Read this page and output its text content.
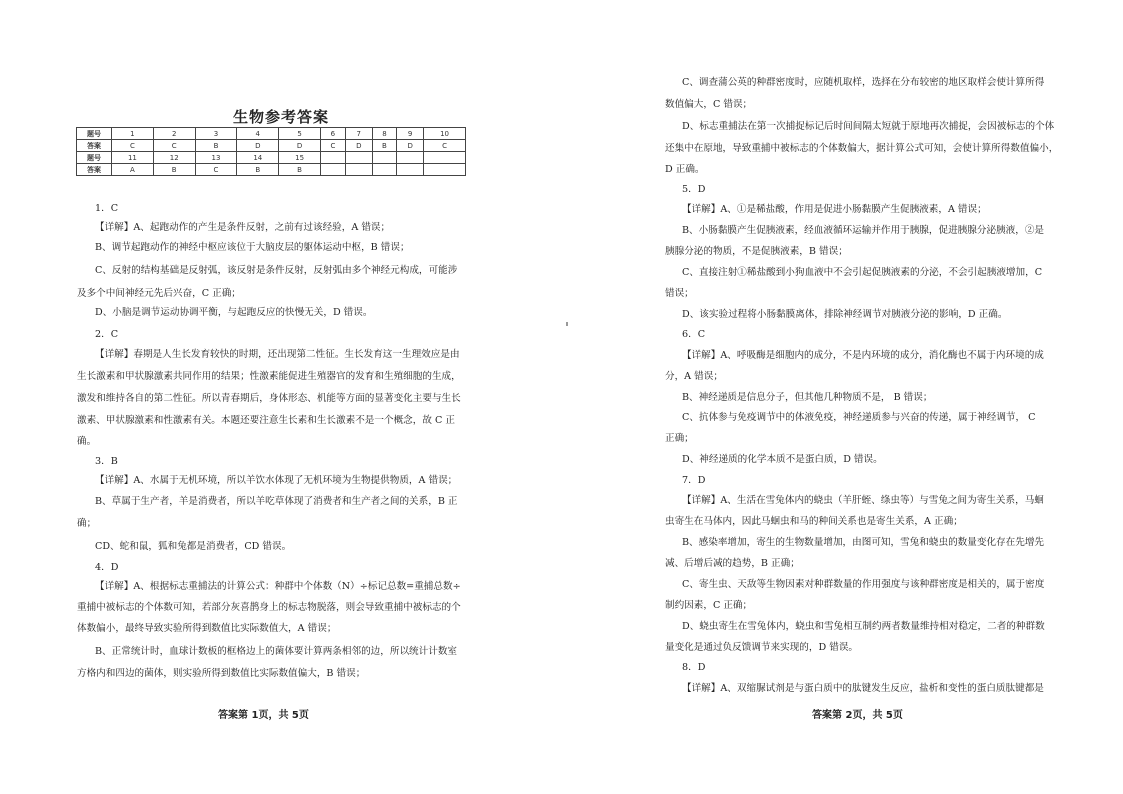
生物参考答案
题号	1	2	3	4	5	6	7	8	9	10
答案	C	C	B	D	D	C	D	B	D	C
题号	11	12	13	14	15					
答案	A	B	C	B	B					
1．C
【详解】A、起跑动作的产生是条件反射，之前有过该经验，A 错误；
B、调节起跑动作的神经中枢应该位于大脑皮层的躯体运动中枢，B 错误；
C、反射的结构基础是反射弧，该反射是条件反射，反射弧由多个神经元构成，可能涉
及多个中间神经元先后兴奋，C 正确；
D、小脑是调节运动协调平衡，与起跑反应的快慢无关，D 错误。
2．C
【详解】春期是人生长发育较快的时期，还出现第二性征。生长发育这一生理效应是由
生长激素和甲状腺激素共同作用的结果；性激素能促进生殖器官的发育和生殖细胞的生成，
激发和维持各自的第二性征。所以青春期后，身体形态、机能等方面的显著变化主要与生长
激素、甲状腺激素和性激素有关。本题还要注意生长素和生长激素不是一个概念，故 C 正
确。
3．B
【详解】A、水属于无机环境，所以羊饮水体现了无机环境为生物提供物质，A 错误；
B、草属于生产者，羊是消费者，所以羊吃草体现了消费者和生产者之间的关系，B 正
确；
CD、蛇和鼠，狐和兔都是消费者，CD 错误。
4．D
【详解】A、根据标志重捕法的计算公式：种群中个体数（N）÷标记总数=重捕总数÷
重捕中被标志的个体数可知，若部分灰喜鹊身上的标志物脱落，则会导致重捕中被标志的个
体数偏小，最终导致实验所得到数值比实际数值大，A 错误；
B、正常统计时，血球计数板的框格边上的菌体要计算两条相邻的边，所以统计计数室
方格内和四边的菌体，则实验所得到数值比实际数值偏大，B 错误；
答案第 1页，共 5页
C、调查蒲公英的种群密度时，应随机取样，选择在分布较密的地区取样会使计算所得
数值偏大，C 错误；
D、标志重捕法在第一次捕捉标记后时间间隔太短就于原地再次捕捉，会因被标志的个体
还集中在原地，导致重捕中被标志的个体数偏大，据计算公式可知，会使计算所得数值偏小，
D 正确。
5．D
【详解】A、①是稀盐酸，作用是促进小肠黏膜产生促胰液素，A 错误；
B、小肠黏膜产生促胰液素，经血液循环运输并作用于胰腺，促进胰腺分泌胰液，②是
胰腺分泌的物质，不是促胰液素，B 错误；
C、直接注射①稀盐酸到小狗血液中不会引起促胰液素的分泌，不会引起胰液增加，C
错误；
D、该实验过程将小肠黏膜离体，排除神经调节对胰液分泌的影响，D 正确。
6．C
【详解】A、呼吸酶是细胞内的成分，不是内环境的成分，消化酶也不属于内环境的成
分，A 错误；
B、神经递质是信息分子，但其他几种物质不是， B 错误；
C、抗体参与免疫调节中的体液免疫，神经递质参与兴奋的传递，属于神经调节， C
正确；
D、神经递质的化学本质不是蛋白质，D 错误。
7．D
【详解】A、生活在雪兔体内的蛲虫（羊肝蛭、绦虫等）与雪兔之间为寄生关系，马蛔
虫寄生在马体内，因此马蛔虫和马的种间关系也是寄生关系，A 正确；
B、感染率增加，寄生的生物数量增加，由图可知，雪兔和蛲虫的数量变化存在先增先
减、后增后减的趋势，B 正确；
C、寄生虫、天敌等生物因素对种群数量的作用强度与该种群密度是相关的，属于密度
制约因素，C 正确；
D、蛲虫寄生在雪兔体内，蛲虫和雪兔相互制约两者数量维持相对稳定，二者的种群数
量变化是通过负反馈调节来实现的，D 错误。
8．D
【详解】A、双缩脲试剂是与蛋白质中的肽键发生反应，盐析和变性的蛋白质肽键都是
答案第 2页，共 5页
